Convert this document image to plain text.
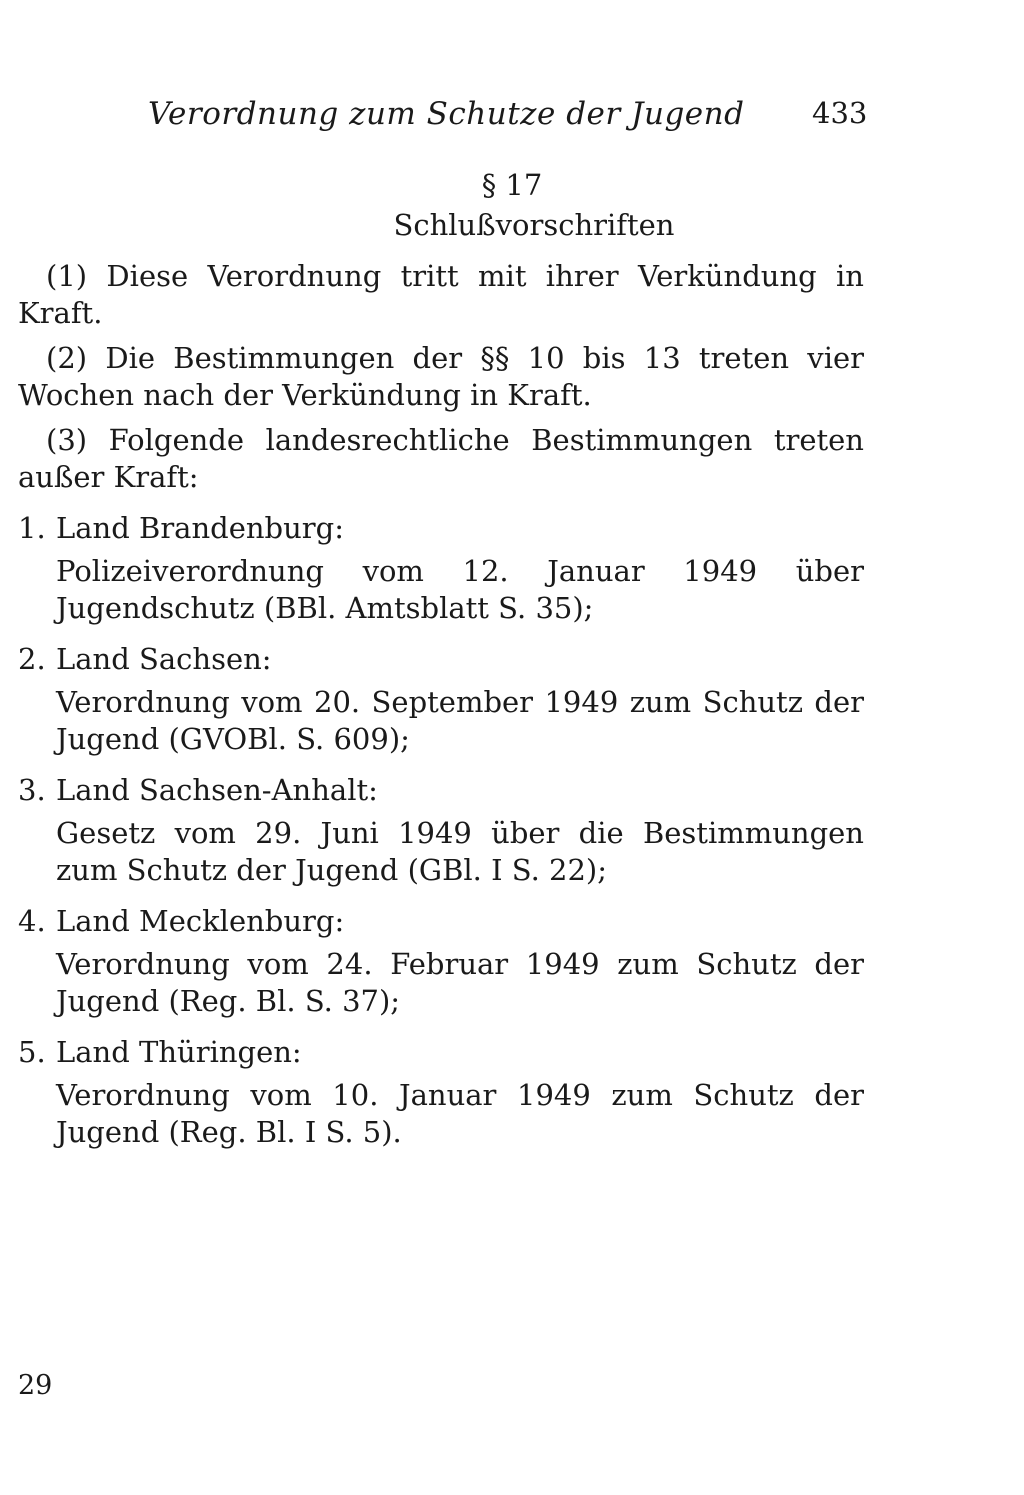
Verordnung zum Schutze der Jugend 433
§ 17
Schlußvorschriften

(1) Diese Verordnung tritt mit ihrer Verkündung in Kraft.

(2) Die Bestimmungen der §§ 10 bis 13 treten vier Wochen nach der Verkündung in Kraft.

(3) Folgende landesrechtliche Bestimmungen treten außer Kraft:

1. Land Brandenburg:
Polizeiverordnung vom 12. Januar 1949 über Jugendschutz (BBl. Amtsblatt S. 35);
2. Land Sachsen:
Verordnung vom 20. September 1949 zum Schutz der Jugend (GVOBl. S. 609);
3. Land Sachsen-Anhalt:
Gesetz vom 29. Juni 1949 über die Bestimmungen zum Schutz der Jugend (GBl. I S. 22);
4. Land Mecklenburg:
Verordnung vom 24. Februar 1949 zum Schutz der Jugend (Reg. Bl. S. 37);
5. Land Thüringen:
Verordnung vom 10. Januar 1949 zum Schutz der Jugend (Reg. Bl. I S. 5).
29
